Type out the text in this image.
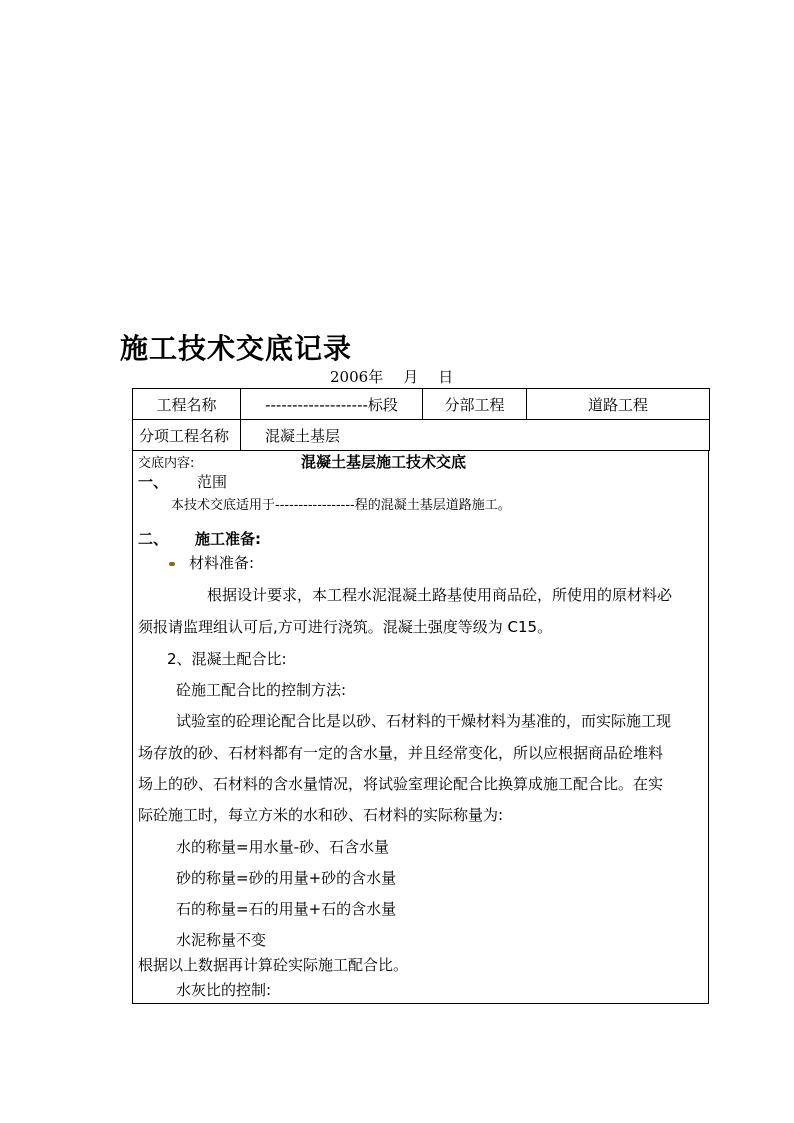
施工技术交底记录
2006年 月 日
工程名称	-------------------标段	分部工程	道路工程
分项工程名称	混凝土基层		
交底内容:	混凝土基层施工技术交底
一、 范围
本技术交底适用于-----------------程的混凝土基层道路施工。
二、 施工准备:
材料准备:
根据设计要求，本工程水泥混凝土路基使用商品砼，所使用的原材料必
须报请监理组认可后,方可进行浇筑。混凝土强度等级为 C15。
2、混凝土配合比:
砼施工配合比的控制方法:
试验室的砼理论配合比是以砂、石材料的干燥材料为基准的，而实际施工现
场存放的砂、石材料都有一定的含水量，并且经常变化，所以应根据商品砼堆料
场上的砂、石材料的含水量情况，将试验室理论配合比换算成施工配合比。在实
际砼施工时，每立方米的水和砂、石材料的实际称量为:
水的称量=用水量-砂、石含水量
砂的称量=砂的用量+砂的含水量
石的称量=石的用量+石的含水量
水泥称量不变
根据以上数据再计算砼实际施工配合比。
水灰比的控制:
